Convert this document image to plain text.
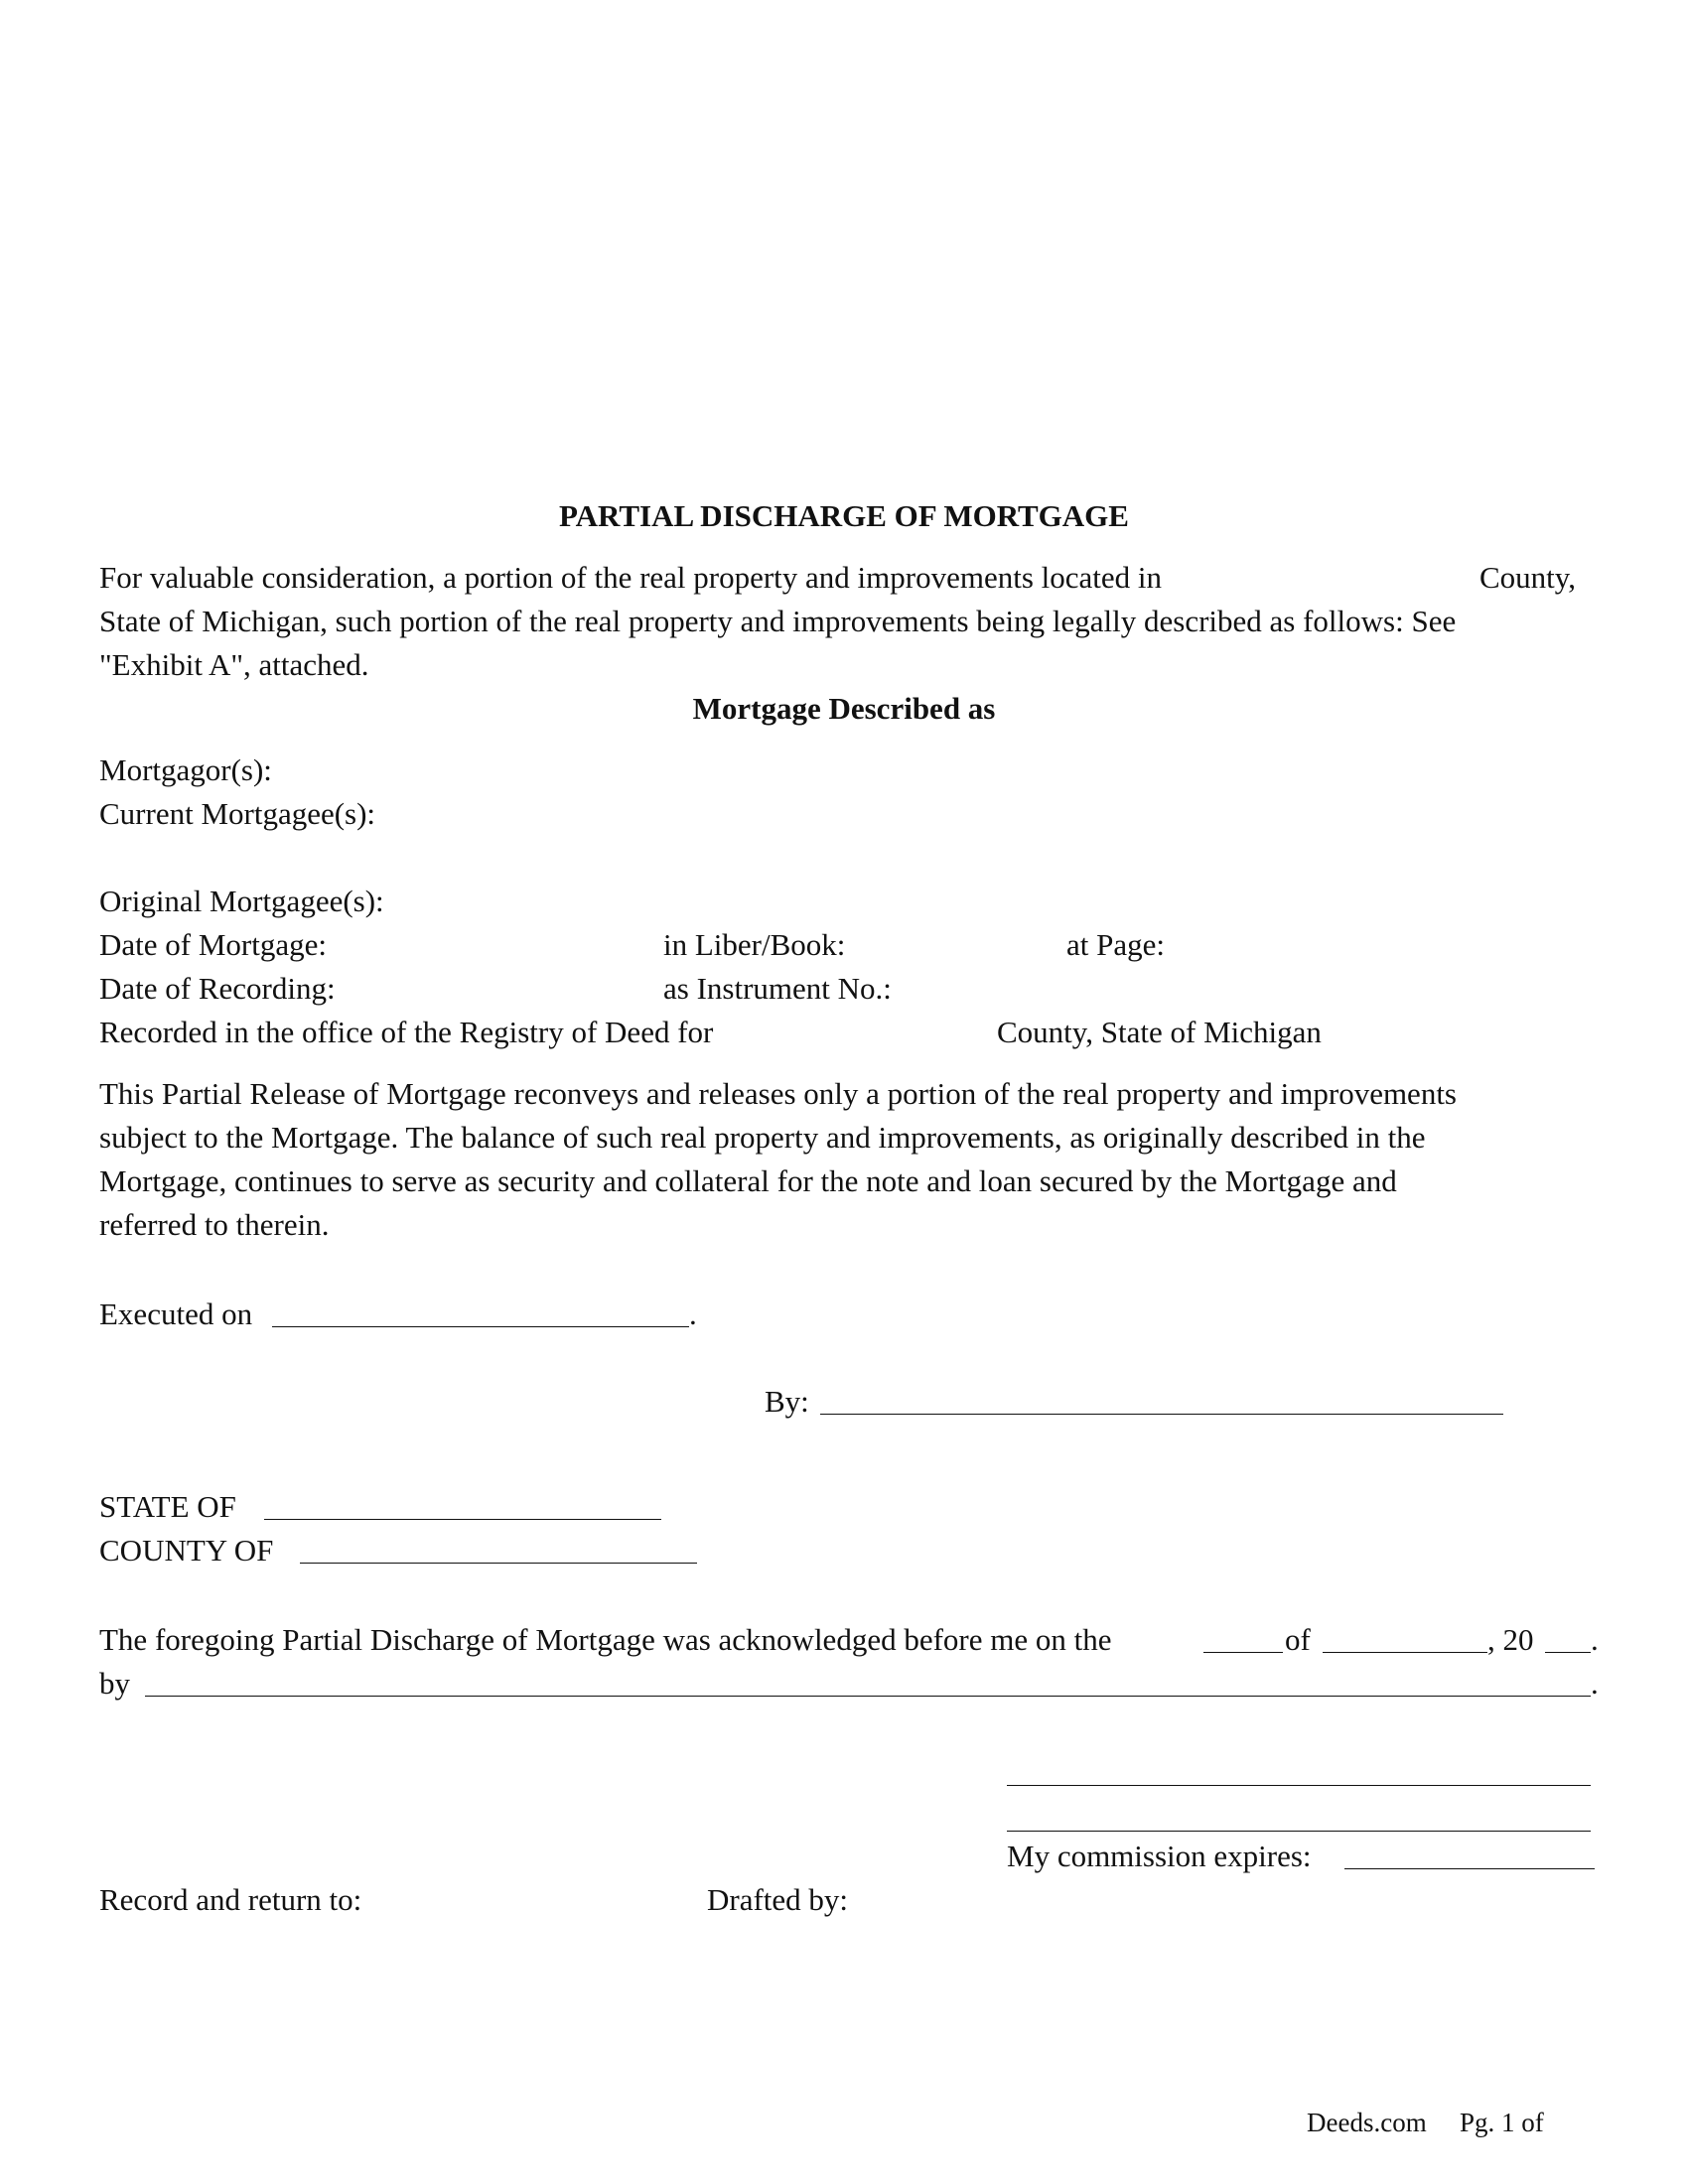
PARTIAL DISCHARGE OF MORTGAGE
For valuable consideration, a portion of the real property and improvements located in	County,
State of Michigan, such portion of the real property and improvements being legally described as follows: See
"Exhibit A", attached.
Mortgage Described as
Mortgagor(s):
Current Mortgagee(s):
Original Mortgagee(s):
Date of Mortgage:	in Liber/Book:	at Page:
Date of Recording:	as Instrument No.:
Recorded in the office of the Registry of Deed for	County, State of Michigan
This Partial Release of Mortgage reconveys and releases only a portion of the real property and improvements
subject to the Mortgage. The balance of such real property and improvements, as originally described in the
Mortgage, continues to serve as security and collateral for the note and loan secured by the Mortgage and
referred to therein.
Executed on	.
By:
STATE OF
COUNTY OF
The foregoing Partial Discharge of Mortgage was acknowledged before me on the	of	, 20 .
by	.
My commission expires:
Record and return to:	Drafted by:
Deeds.com Pg. 1 of
